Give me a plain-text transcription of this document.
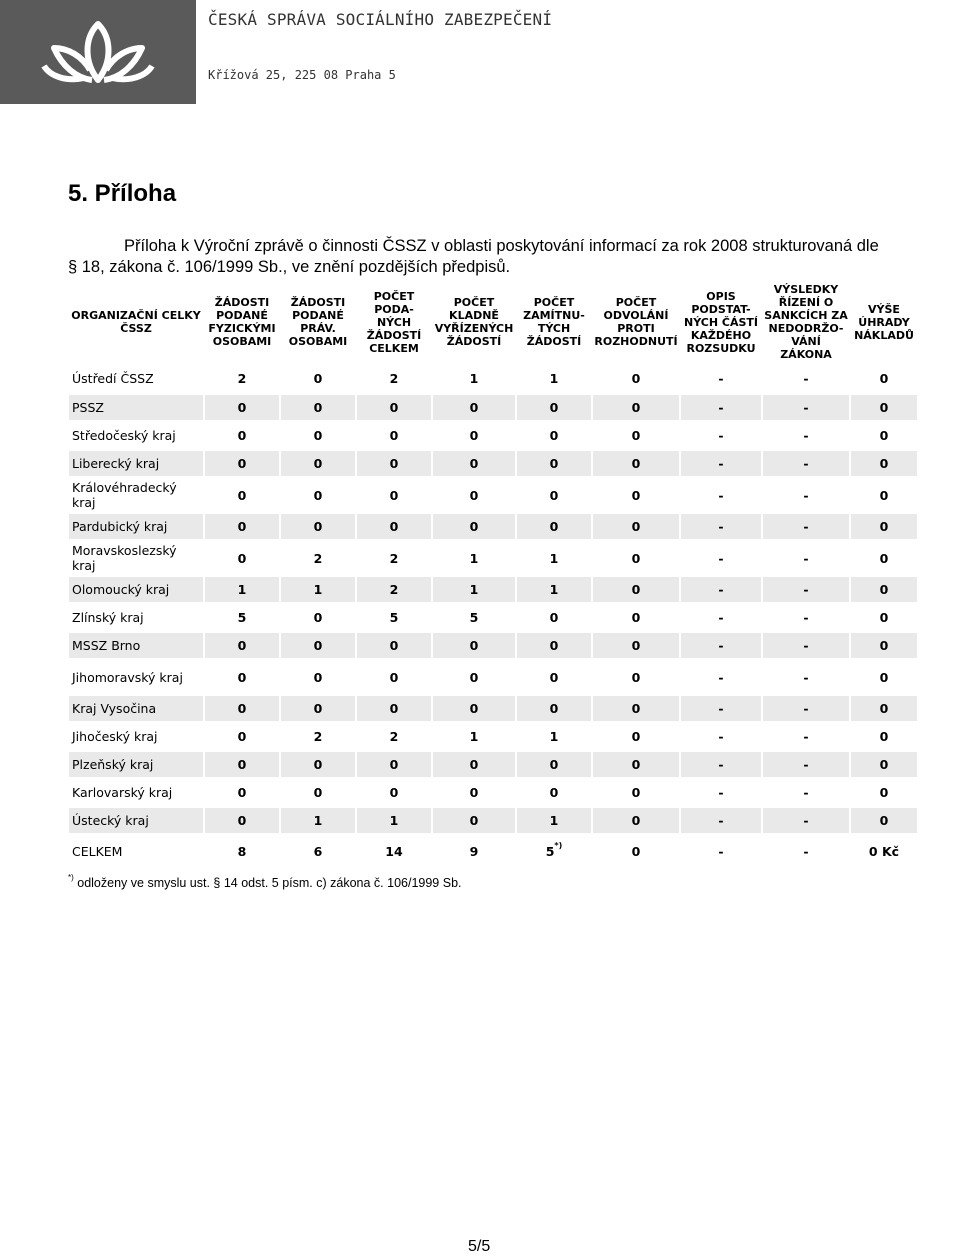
ČESKÁ SPRÁVA SOCIÁLNÍHO ZABEZPEČENÍ
Křížová 25, 225 08 Praha 5
5. Příloha
Příloha k Výroční zprávě o činnosti ČSSZ v oblasti poskytování informací za rok 2008 strukturovaná dle § 18, zákona č. 106/1999 Sb., ve znění pozdějších předpisů.
ORGANIZAČNÍ CELKY ČSSZ	ŽÁDOSTI PODANÉ FYZICKÝMI OSOBAMI	ŽÁDOSTI PODANÉ PRÁV. OSOBAMI	POČET PODA-NÝCH ŽÁDOSTÍ CELKEM	POČET KLADNĚ VYŘÍZENÝCH ŽÁDOSTÍ	POČET ZAMÍTNU-TÝCH ŽÁDOSTÍ	POČET ODVOLÁNÍ PROTI ROZHODNUTÍ	OPIS PODSTAT-NÝCH ČÁSTÍ KAŽDÉHO ROZSUDKU	VÝSLEDKY ŘÍZENÍ O SANKCÍCH ZA NEDODRŽO-VÁNÍ ZÁKONA	VÝŠE ÚHRADY NÁKLADŮ
Ústředí ČSSZ	2	0	2	1	1	0	-	-	0
PSSZ	0	0	0	0	0	0	-	-	0
Středočeský kraj	0	0	0	0	0	0	-	-	0
Liberecký kraj	0	0	0	0	0	0	-	-	0
Královéhradecký kraj	0	0	0	0	0	0	-	-	0
Pardubický kraj	0	0	0	0	0	0	-	-	0
Moravskoslezský kraj	0	2	2	1	1	0	-	-	0
Olomoucký kraj	1	1	2	1	1	0	-	-	0
Zlínský kraj	5	0	5	5	0	0	-	-	0
MSSZ Brno	0	0	0	0	0	0	-	-	0
Jihomoravský kraj	0	0	0	0	0	0	-	-	0
Kraj Vysočina	0	0	0	0	0	0	-	-	0
Jihočeský kraj	0	2	2	1	1	0	-	-	0
Plzeňský kraj	0	0	0	0	0	0	-	-	0
Karlovarský kraj	0	0	0	0	0	0	-	-	0
Ústecký kraj	0	1	1	0	1	0	-	-	0
CELKEM	8	6	14	9	5*)	0	-	-	0 Kč
*) odloženy ve smyslu ust. § 14 odst. 5 písm. c) zákona č. 106/1999 Sb.
5/5
